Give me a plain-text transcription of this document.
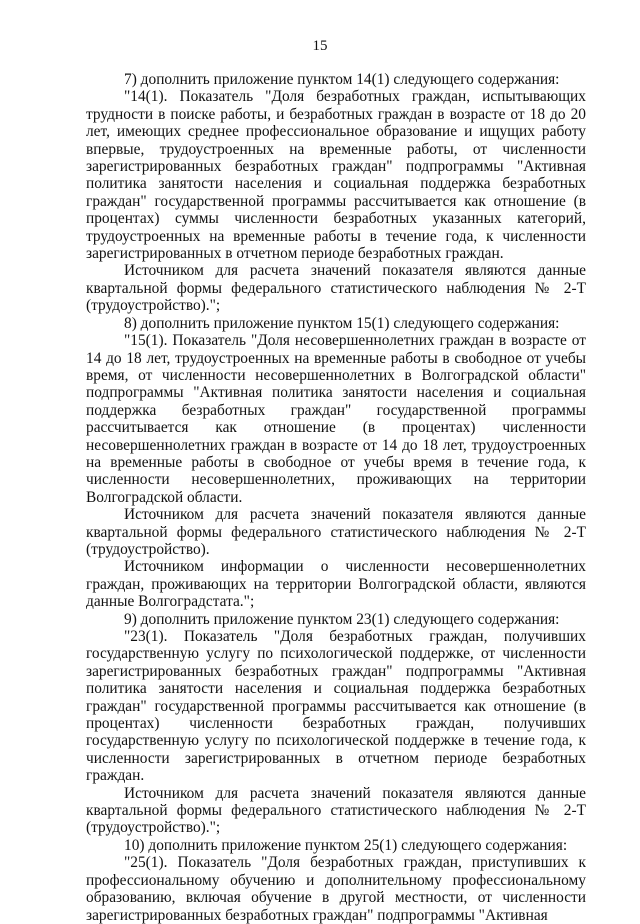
15

7) дополнить приложение пунктом 14(1) следующего содержания:

"14(1). Показатель "Доля безработных граждан, испытывающих трудности в поиске работы, и безработных граждан в возрасте от 18 до 20 лет, имеющих среднее профессиональное образование и ищущих работу впервые, трудоустроенных на временные работы, от численности зарегистрированных безработных граждан" подпрограммы "Активная политика занятости населения и социальная поддержка безработных граждан" государственной программы рассчитывается как отношение (в процентах) суммы численности безработных указанных категорий, трудоустроенных на временные работы в течение года, к численности зарегистрированных в отчетном периоде безработных граждан.

Источником для расчета значений показателя являются данные квартальной формы федерального статистического наблюдения № 2-Т (трудоустройство).";

8) дополнить приложение пунктом 15(1) следующего содержания:

"15(1). Показатель "Доля несовершеннолетних граждан в возрасте от 14 до 18 лет, трудоустроенных на временные работы в свободное от учебы время, от численности несовершеннолетних в Волгоградской области" подпрограммы "Активная политика занятости населения и социальная поддержка безработных граждан" государственной программы рассчитывается как отношение (в процентах) численности несовершеннолетних граждан в возрасте от 14 до 18 лет, трудоустроенных на временные работы в свободное от учебы время в течение года, к численности несовершеннолетних, проживающих на территории Волгоградской области.

Источником для расчета значений показателя являются данные квартальной формы федерального статистического наблюдения № 2-Т (трудоустройство).

Источником информации о численности несовершеннолетних граждан, проживающих на территории Волгоградской области, являются данные Волгоградстата.";

9) дополнить приложение пунктом 23(1) следующего содержания:

"23(1). Показатель "Доля безработных граждан, получивших государственную услугу по психологической поддержке, от численности зарегистрированных безработных граждан" подпрограммы "Активная политика занятости населения и социальная поддержка безработных граждан" государственной программы рассчитывается как отношение (в процентах) численности безработных граждан, получивших государственную услугу по психологической поддержке в течение года, к численности зарегистрированных в отчетном периоде безработных граждан.

Источником для расчета значений показателя являются данные квартальной формы федерального статистического наблюдения № 2-Т (трудоустройство).";

10) дополнить приложение пунктом 25(1) следующего содержания:

"25(1). Показатель "Доля безработных граждан, приступивших к профессиональному обучению и дополнительному профессиональному образованию, включая обучение в другой местности, от численности зарегистрированных безработных граждан" подпрограммы "Активная
